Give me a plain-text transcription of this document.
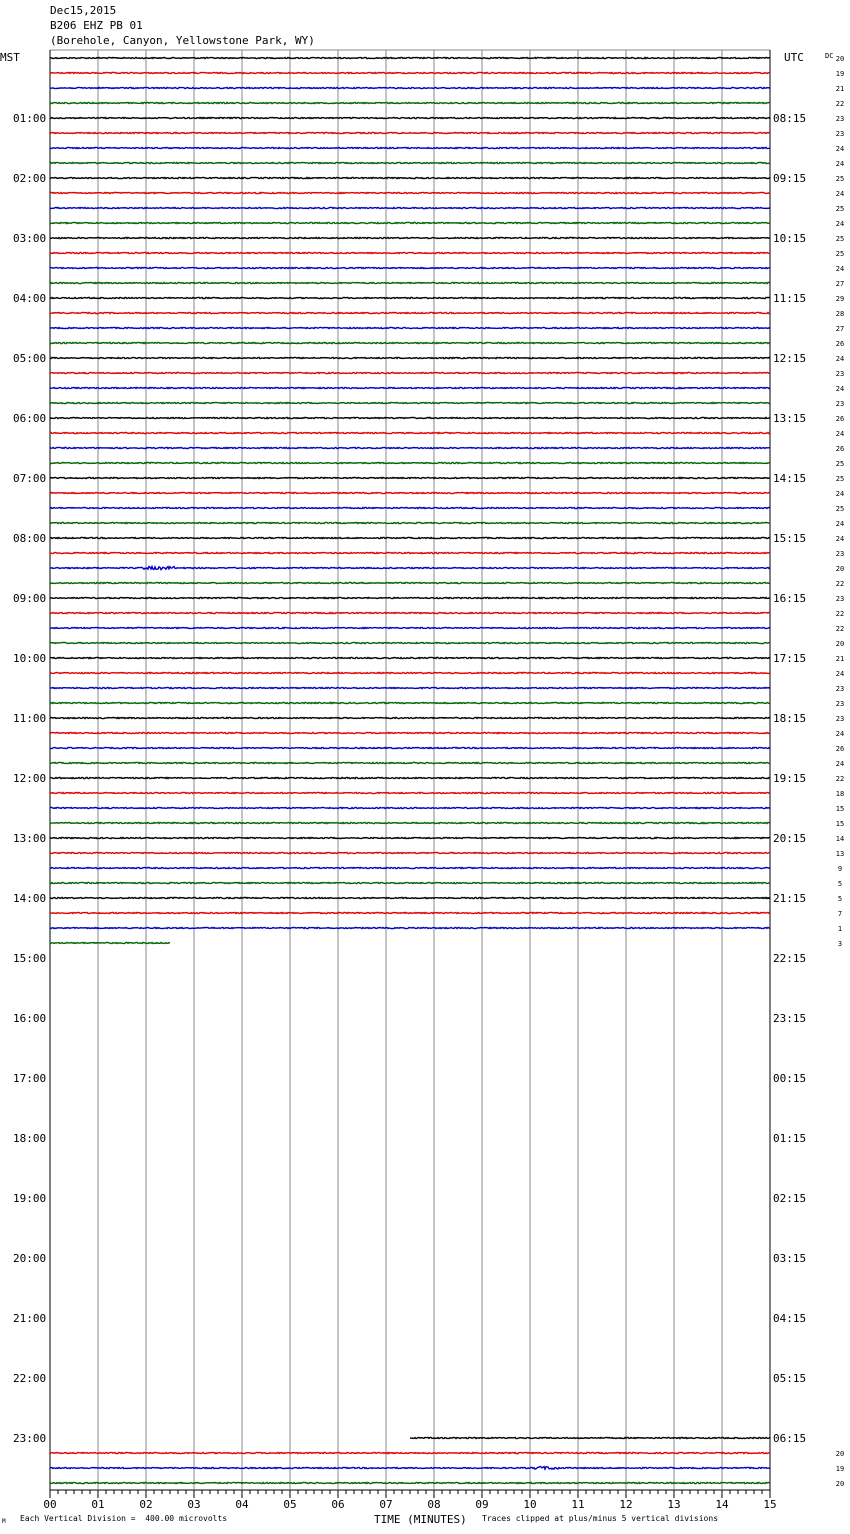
Dec15,2015
B206 EHZ PB 01
(Borehole, Canyon, Yellowstone Park, WY)
MST	UTC	DC
TIME (MINUTES)
00	01	02	03	04	05	06	07	08	09	10	11	12	13	14	15
01:00
02:00
03:00
04:00
05:00
06:00
07:00
08:00
09:00
10:00
11:00
12:00
13:00
14:00
15:00
16:00
17:00
18:00
19:00
20:00
21:00
22:00
23:00
08:15
09:15
10:15
11:15
12:15
13:15
14:15
15:15
16:15
17:15
18:15
19:15
20:15
21:15
22:15
23:15
00:15
01:15
02:15
03:15
04:15
05:15
06:15
20
19
21
22
23
23
24
24
25
24
25
24
25
25
24
27
29
28
27
26
24
23
24
23
26
24
26
25
25
24
25
24
24
23
20
22
23
22
22
20
21
24
23
23
23
24
26
24
22
18
15
15
14
13
9
5
5
7
1
3
20
19
20
M Each Vertical Division =  400.00 microvolts	Traces clipped at plus/minus 5 vertical divisions
